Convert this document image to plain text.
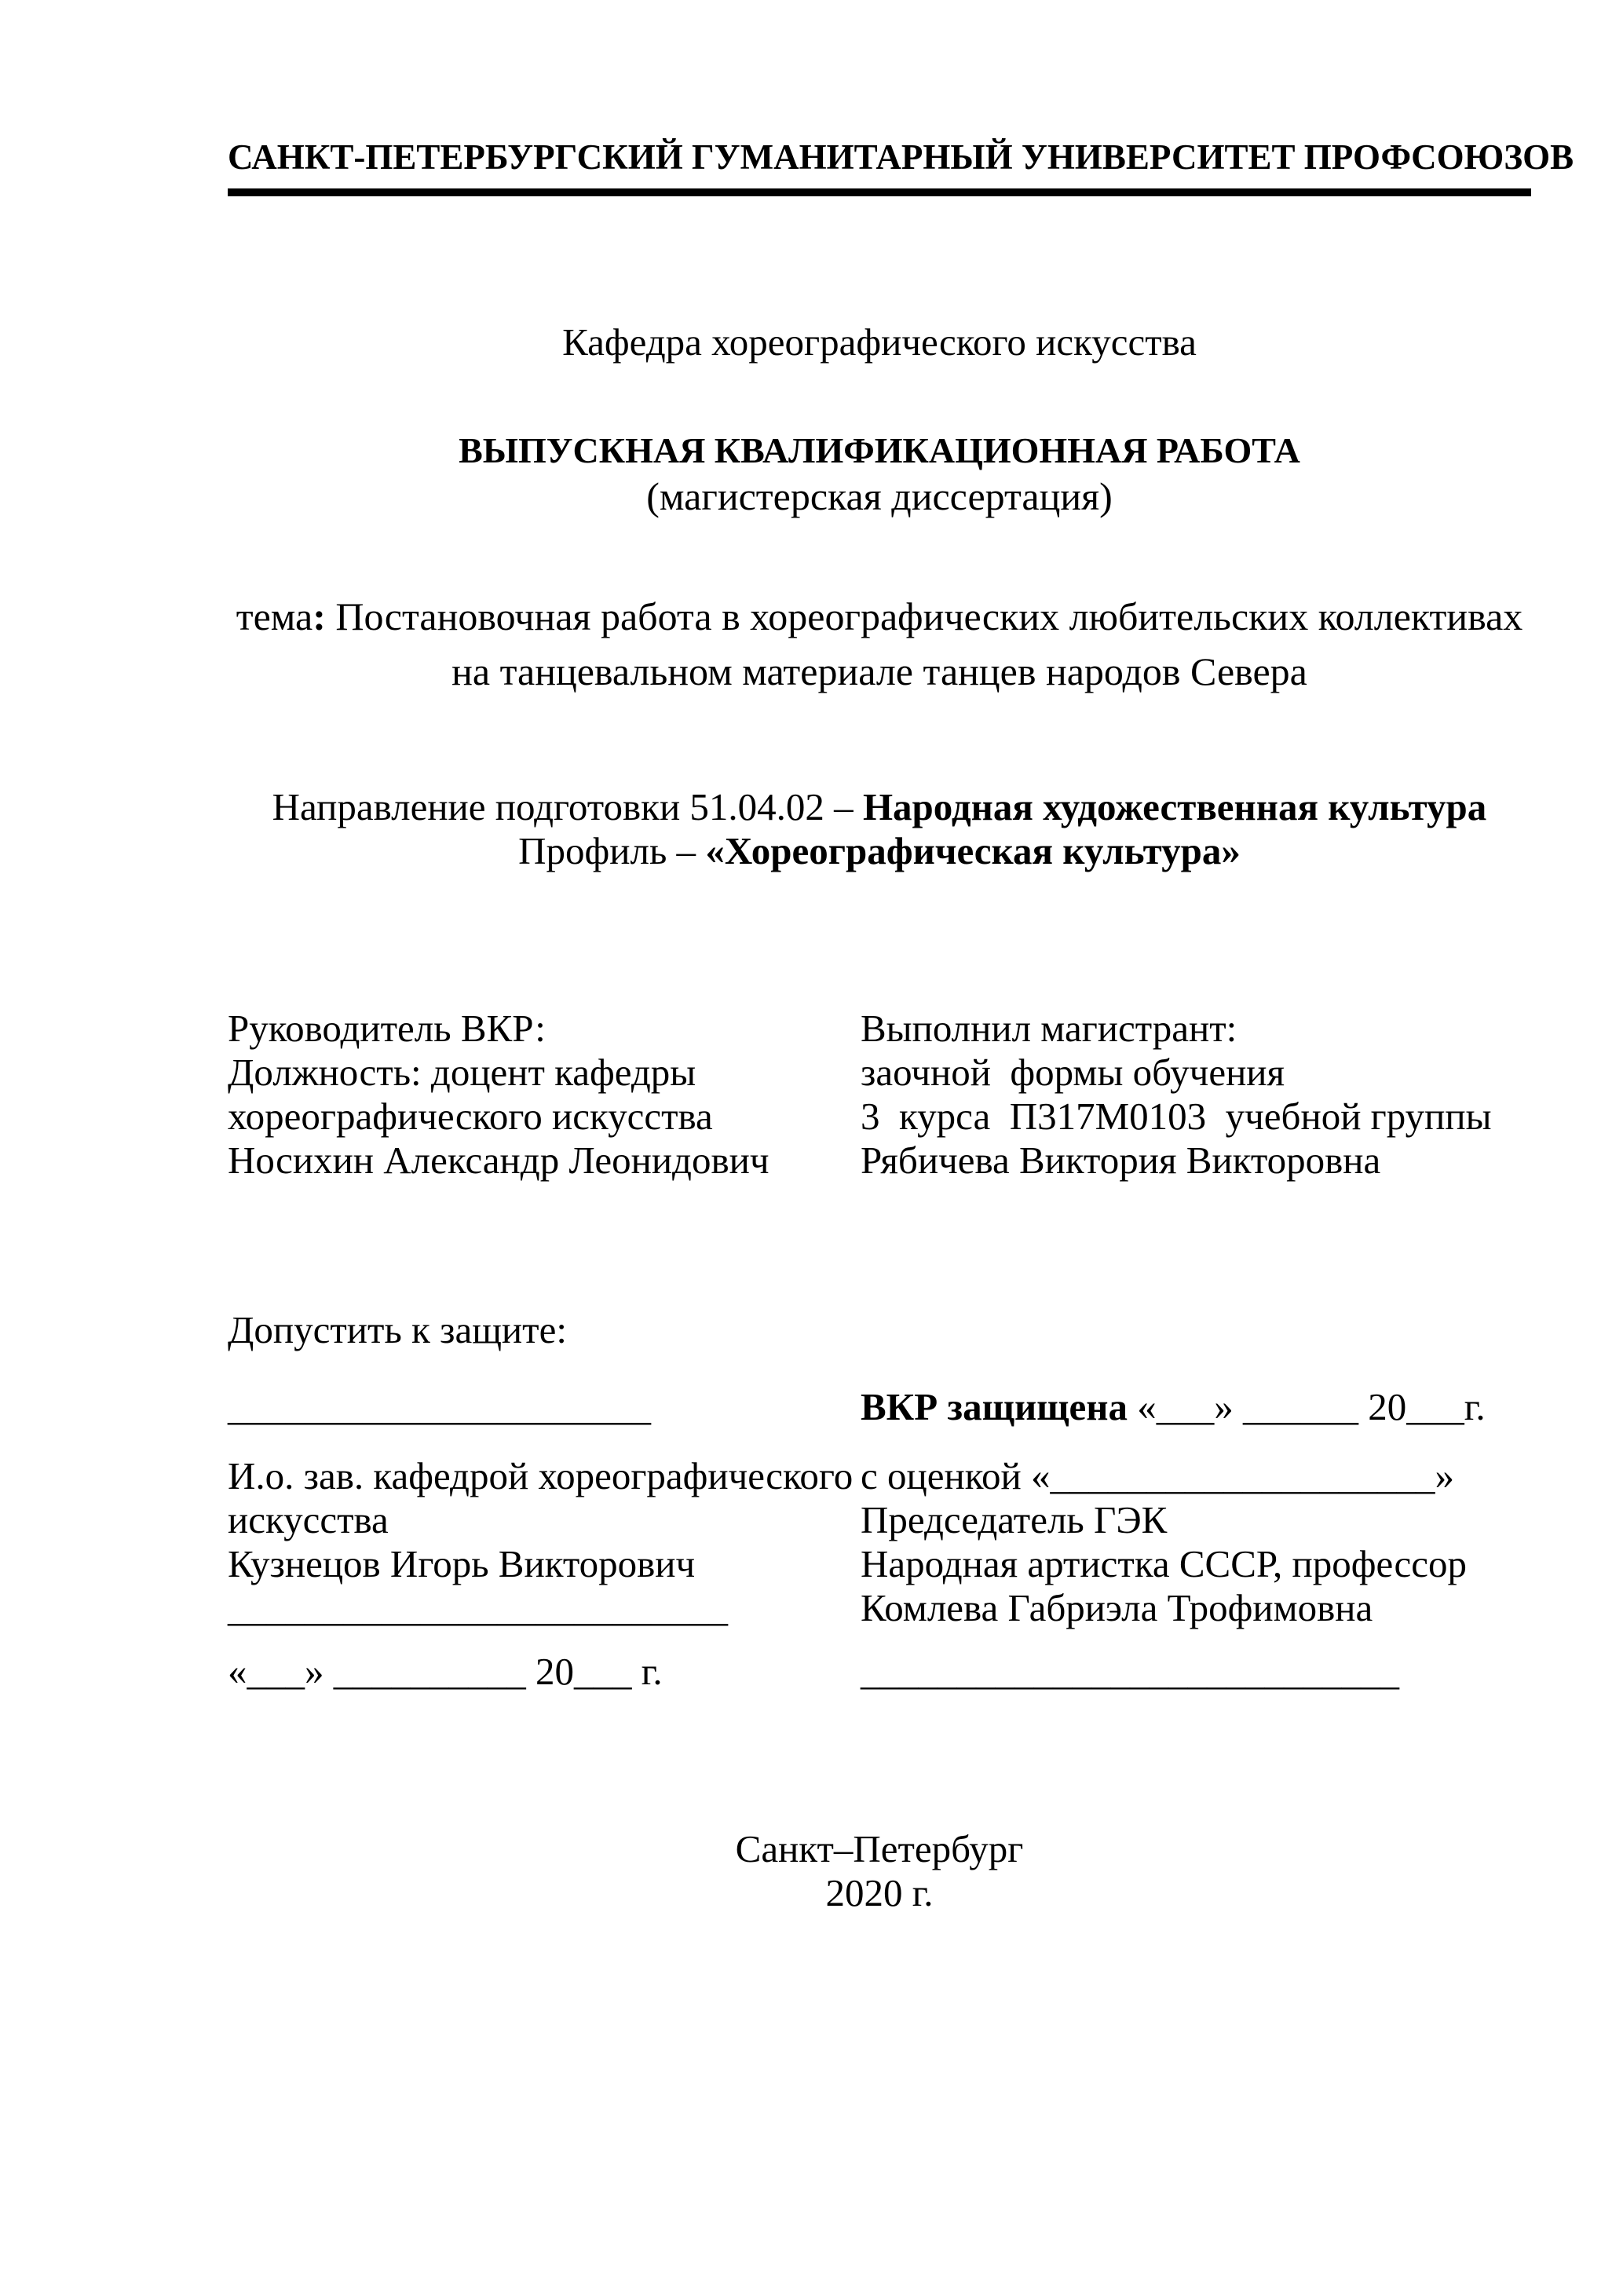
САНКТ-ПЕТЕРБУРГСКИЙ ГУМАНИТАРНЫЙ УНИВЕРСИТЕТ ПРОФСОЮЗОВ
Кафедра хореографического искусства
ВЫПУСКНАЯ КВАЛИФИКАЦИОННАЯ РАБОТА
(магистерская диссертация)
тема: Постановочная работа в хореографических любительских коллективах
на танцевальном материале танцев народов Севера
Направление подготовки 51.04.02 – Народная художественная культура
Профиль – «Хореографическая культура»
Руководитель ВКР:
Должность: доцент кафедры
хореографического искусства
Носихин Александр Леонидович
Выполнил магистрант:
заочной  формы обучения
3  курса  П317М0103  учебной группы
Рябичева Виктория Викторовна
Допустить к защите:
______________________	ВКР защищена «___» ______ 20___г.
И.о. зав. кафедрой хореографического
искусства
Кузнецов Игорь Викторович
__________________________
с оценкой «____________________»
Председатель ГЭК
Народная артистка СССР, профессор
Комлева Габриэла Трофимовна
«___» __________ 20___ г.	____________________________
Санкт–Петербург
2020 г.
